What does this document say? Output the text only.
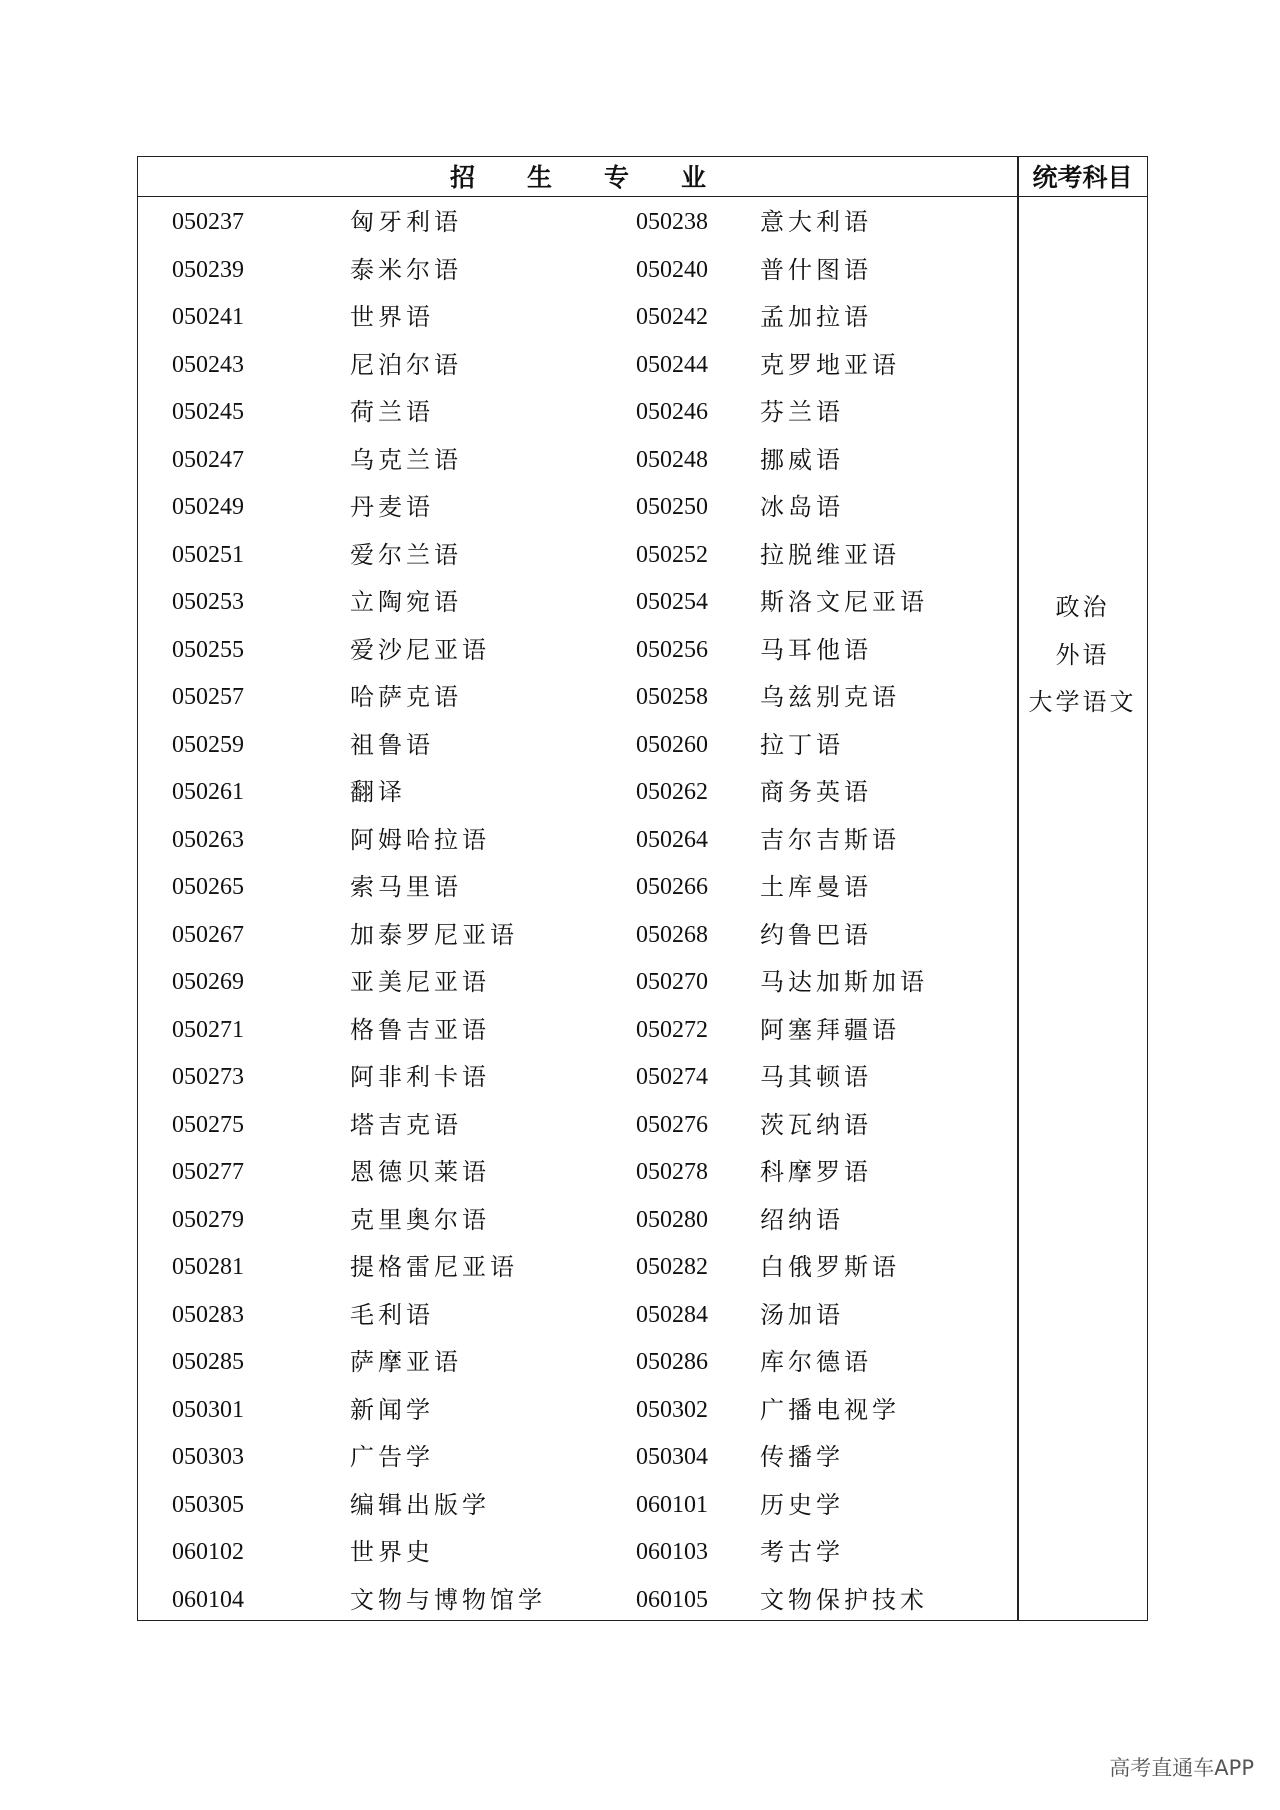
招生专业	统考科目
050237	匈牙利语	050238 意大利语
050239	泰米尔语	050240 普什图语
050241	世界语	050242 孟加拉语
050243	尼泊尔语	050244 克罗地亚语
050245	荷兰语	050246 芬兰语
050247	乌克兰语	050248 挪威语
050249	丹麦语	050250 冰岛语
050251	爱尔兰语	050252 拉脱维亚语
050253	立陶宛语	050254 斯洛文尼亚语
050255	爱沙尼亚语	050256 马耳他语
050257	哈萨克语	050258 乌兹别克语
050259	祖鲁语	050260 拉丁语
050261	翻译	050262 商务英语
050263	阿姆哈拉语	050264 吉尔吉斯语
050265	索马里语	050266 土库曼语
050267	加泰罗尼亚语	050268 约鲁巴语
050269	亚美尼亚语	050270 马达加斯加语
050271	格鲁吉亚语	050272 阿塞拜疆语
050273	阿非利卡语	050274 马其顿语
050275	塔吉克语	050276 茨瓦纳语
050277	恩德贝莱语	050278 科摩罗语
050279	克里奥尔语	050280 绍纳语
050281	提格雷尼亚语	050282 白俄罗斯语
050283	毛利语	050284 汤加语
050285	萨摩亚语	050286 库尔德语
050301	新闻学	050302 广播电视学
050303	广告学	050304 传播学
050305	编辑出版学	060101 历史学
060102	世界史	060103 考古学
060104	文物与博物馆学	060105 文物保护技术
政治
外语
大学语文
高考直通车APP
